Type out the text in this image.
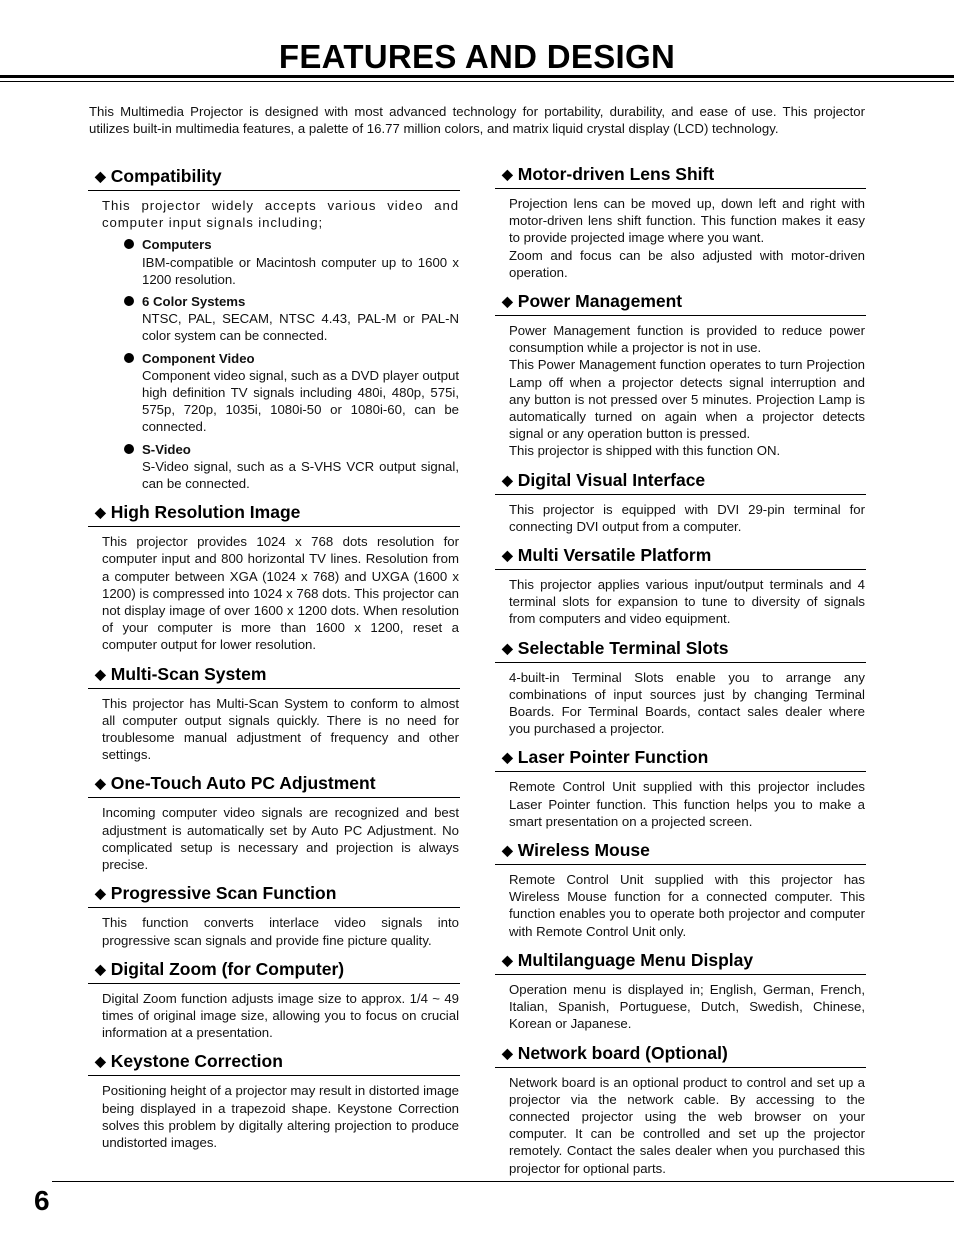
FEATURES AND DESIGN

This Multimedia Projector is designed with most advanced technology for portability, durability, and ease of use. This projector utilizes built-in multimedia features, a palette of 16.77 million colors, and matrix liquid crystal display (LCD) technology.

◆ Compatibility

This projector widely accepts various video and computer input signals including;

Computers
IBM-compatible or Macintosh computer up to 1600 x 1200 resolution.
6 Color Systems
NTSC, PAL, SECAM, NTSC 4.43, PAL-M or PAL-N color system can be connected.
Component Video
Component video signal, such as a DVD player output high definition TV signals including 480i, 480p, 575i, 575p, 720p, 1035i, 1080i-50 or 1080i-60, can be connected.
S-Video
S-Video signal, such as a S-VHS VCR output signal, can be connected.
◆ High Resolution Image

This projector provides 1024 x 768 dots resolution for computer input and 800 horizontal TV lines. Resolution from a computer between XGA (1024 x 768) and UXGA (1600 x 1200) is compressed into 1024 x 768 dots. This projector can not display image of over 1600 x 1200 dots. When resolution of your computer is more than 1600 x 1200, reset a computer output for lower resolution.

◆ Multi-Scan System

This projector has Multi-Scan System to conform to almost all computer output signals quickly. There is no need for troublesome manual adjustment of frequency and other settings.

◆ One-Touch Auto PC Adjustment

Incoming computer video signals are recognized and best adjustment is automatically set by Auto PC Adjustment. No complicated setup is necessary and projection is always precise.

◆ Progressive Scan Function

This function converts interlace video signals into progressive scan signals and provide fine picture quality.

◆ Digital Zoom (for Computer)

Digital Zoom function adjusts image size to approx. 1/4 ~ 49 times of original image size, allowing you to focus on crucial information at a presentation.

◆ Keystone Correction

Positioning height of a projector may result in distorted image being displayed in a trapezoid shape. Keystone Correction solves this problem by digitally altering projection to produce undistorted images.

◆ Motor-driven Lens Shift

Projection lens can be moved up, down left and right with motor-driven lens shift function. This function makes it easy to provide projected image where you want.

Zoom and focus can be also adjusted with motor-driven operation.

◆ Power Management

Power Management function is provided to reduce power consumption while a projector is not in use.

This Power Management function operates to turn Projection Lamp off when a projector detects signal interruption and any button is not pressed over 5 minutes. Projection Lamp is automatically turned on again when a projector detects signal or any operation button is pressed.

This projector is shipped with this function ON.

◆ Digital Visual Interface

This projector is equipped with DVI 29-pin terminal for connecting DVI output from a computer.

◆ Multi Versatile Platform

This projector applies various input/output terminals and 4 terminal slots for expansion to tune to diversity of signals from computers and video equipment.

◆ Selectable Terminal Slots

4-built-in Terminal Slots enable you to arrange any combinations of input sources just by changing Terminal Boards. For Terminal Boards, contact sales dealer where you purchased a projector.

◆ Laser Pointer Function

Remote Control Unit supplied with this projector includes Laser Pointer function. This function helps you to make a smart presentation on a projected screen.

◆ Wireless Mouse

Remote Control Unit supplied with this projector has Wireless Mouse function for a connected computer. This function enables you to operate both projector and computer with Remote Control Unit only.

◆ Multilanguage Menu Display

Operation menu is displayed in; English, German, French, Italian, Spanish, Portuguese, Dutch, Swedish, Chinese, Korean or Japanese.

◆ Network board (Optional)

Network board is an optional product to control and set up a projector via the network cable. By accessing to the connected projector using the web browser on your computer. It can be controlled and set up the projector remotely. Contact the sales dealer when you purchased this projector for optional parts.

6
